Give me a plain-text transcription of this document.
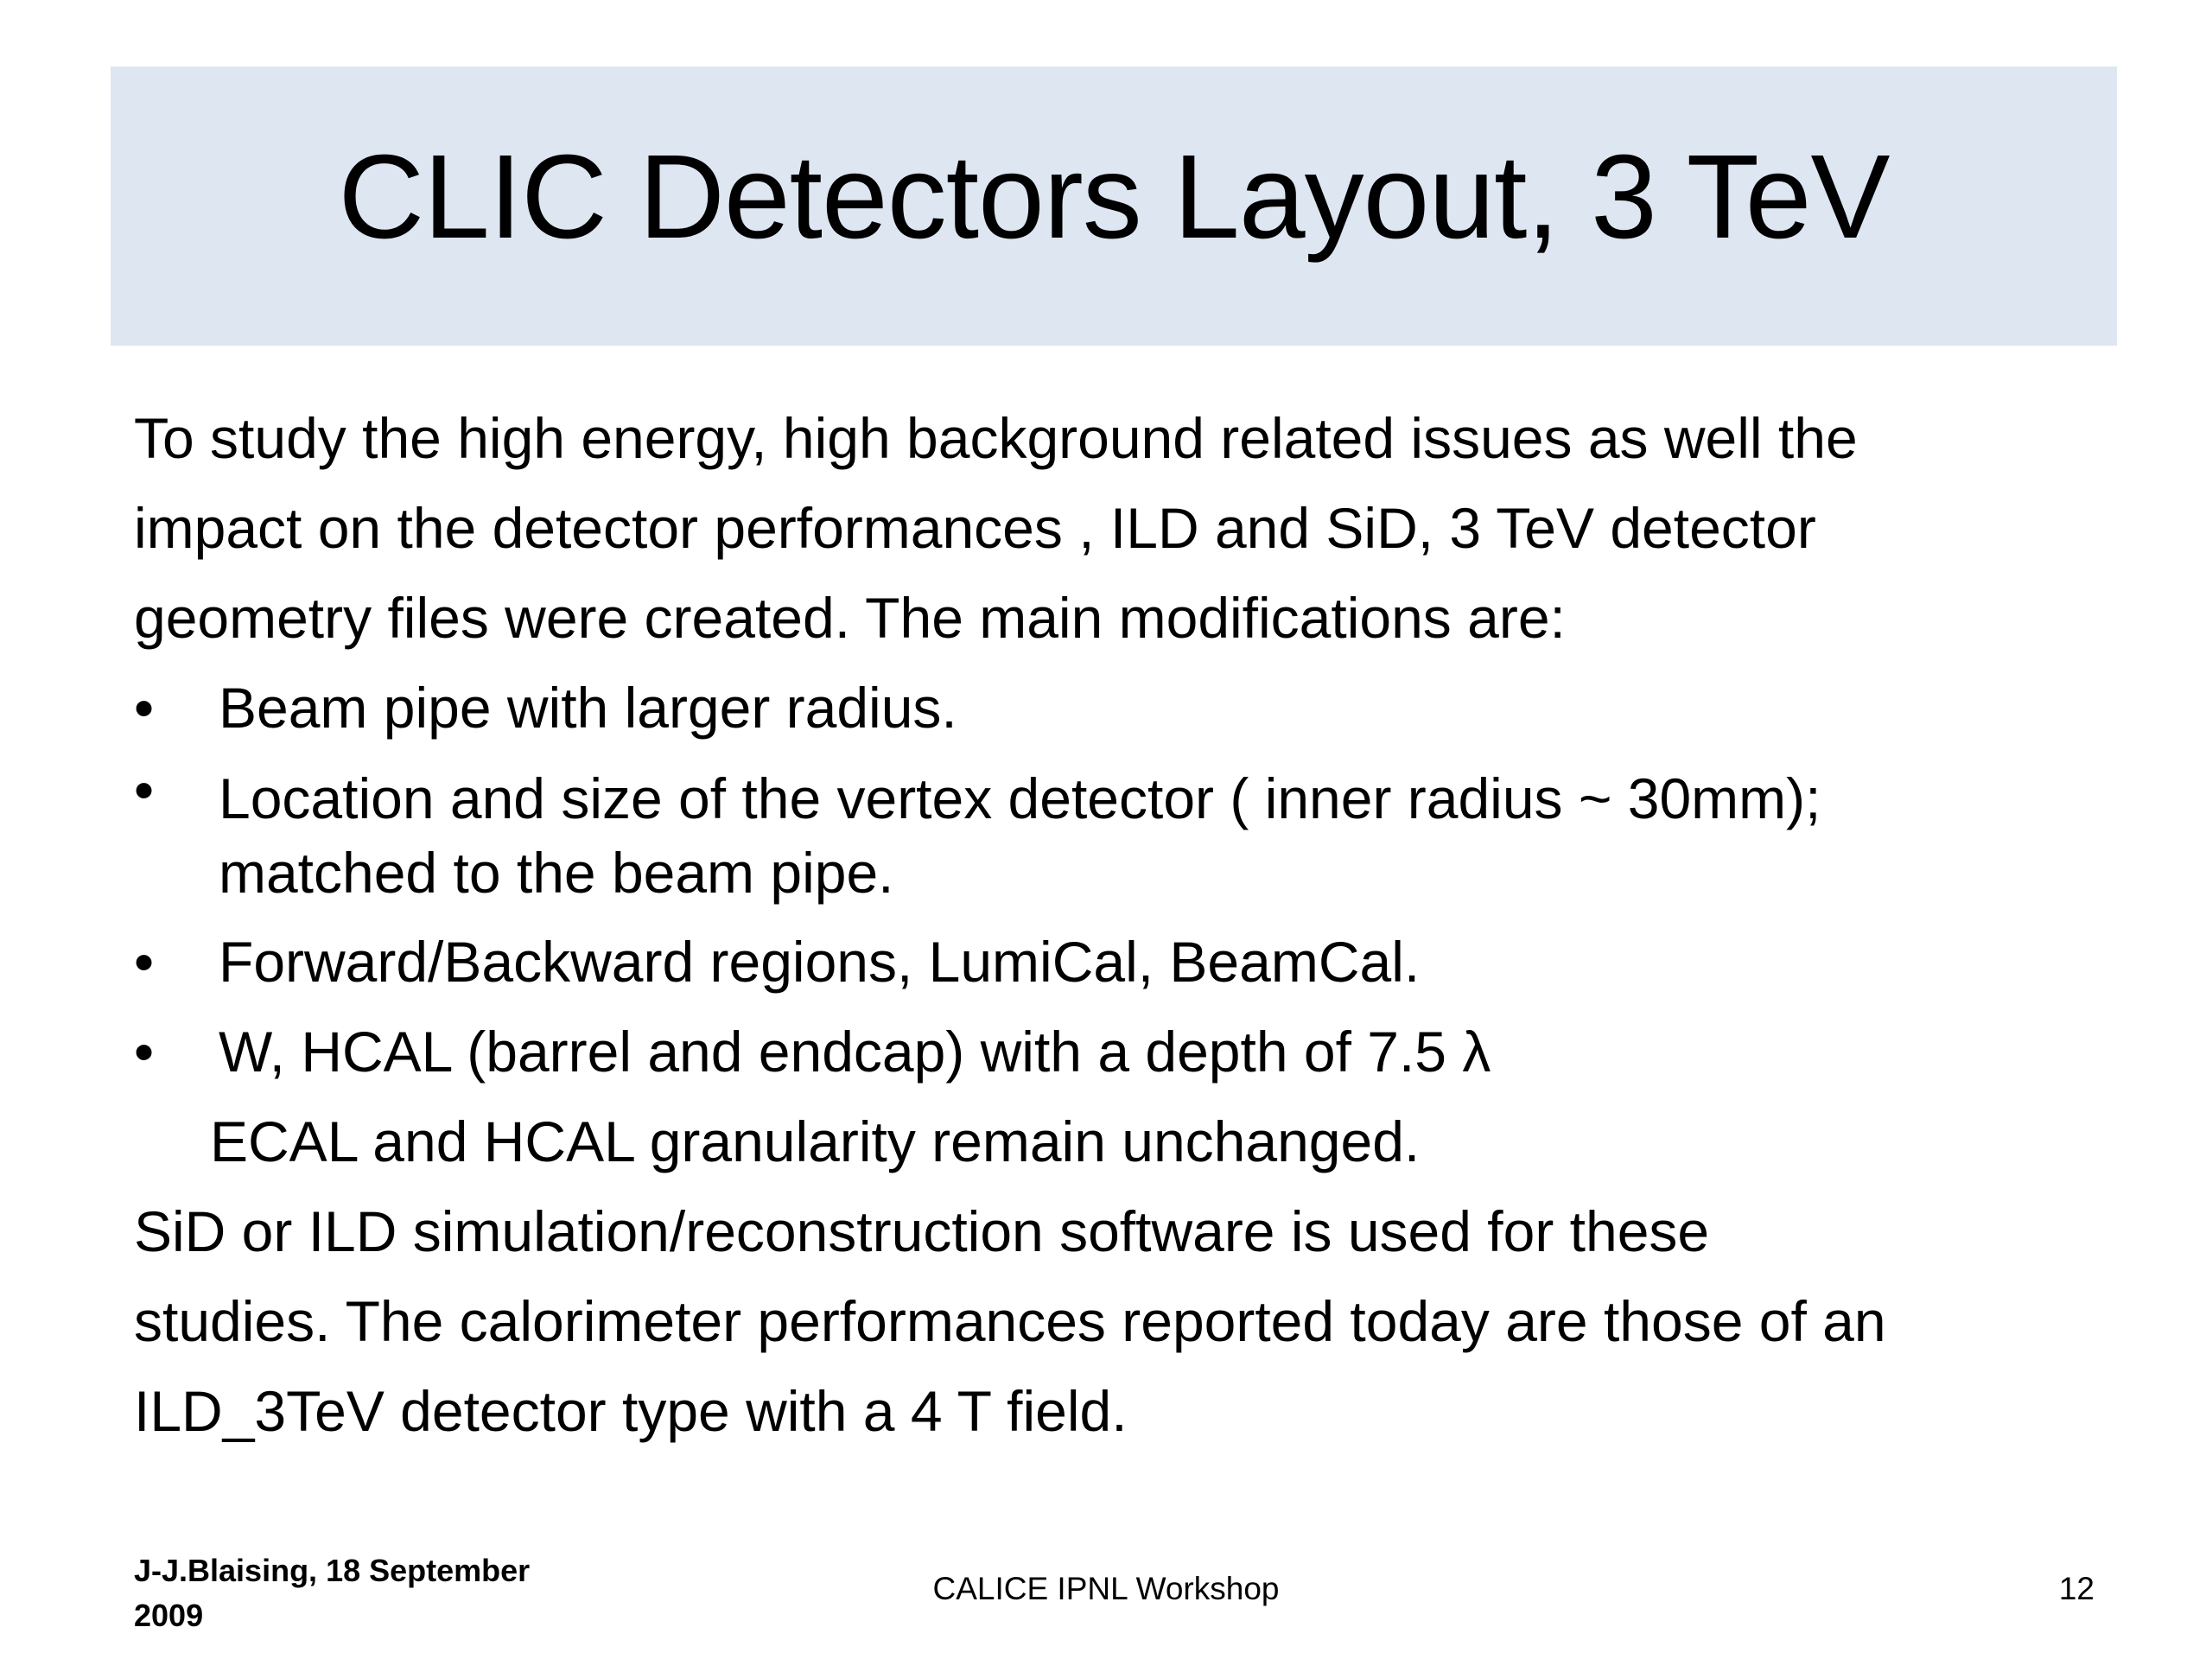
CLIC Detectors Layout, 3 TeV

To study the high energy, high background related issues as well the

impact on the detector performances , ILD and SiD, 3 TeV detector

geometry files were created. The main modifications are:

• Beam pipe with larger radius.
• Location and size of the vertex detector ( inner radius ~ 30mm);
matched to the beam pipe.
• Forward/Backward regions, LumiCal, BeamCal.
• W, HCAL (barrel and endcap) with a depth of 7.5 λ
ECAL and HCAL granularity remain unchanged.

SiD or ILD simulation/reconstruction software is used for these

studies. The calorimeter performances reported today are those of an

ILD_3TeV detector type with a 4 T field.

J-J.Blaising, 18 September 2009
CALICE IPNL Workshop	12
